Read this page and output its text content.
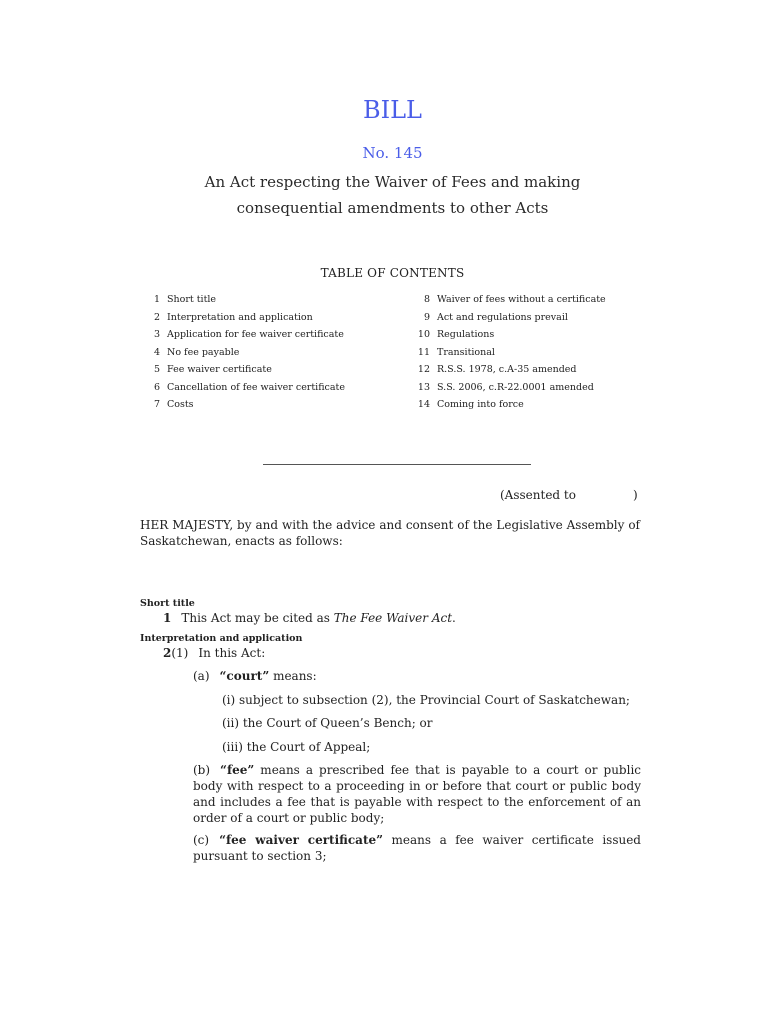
BILL
No. 145
An Act respecting the Waiver of Fees and making
consequential amendments to other Acts
TABLE OF CONTENTS
1 Short title
2 Interpretation and application
3 Application for fee waiver certificate
4 No fee payable
5 Fee waiver certificate
6 Cancellation of fee waiver certificate
7 Costs
8 Waiver of fees without a certificate
9 Act and regulations prevail
10 Regulations
11 Transitional
12 R.S.S. 1978, c.A-35 amended
13 S.S. 2006, c.R-22.0001 amended
14 Coming into force
(Assented to	)
HER MAJESTY, by and with the advice and consent of the Legislative Assembly of Saskatchewan, enacts as follows:
Short title
1 This Act may be cited as The Fee Waiver Act.
Interpretation and application
2(1) In this Act:
(a) “court” means:
(i) subject to subsection (2), the Provincial Court of Saskatchewan;
(ii) the Court of Queen’s Bench; or
(iii) the Court of Appeal;
(b) “fee” means a prescribed fee that is payable to a court or public body with respect to a proceeding in or before that court or public body and includes a fee that is payable with respect to the enforcement of an order of a court or public body;
(c) “fee waiver certificate” means a fee waiver certificate issued pursuant to section 3;
